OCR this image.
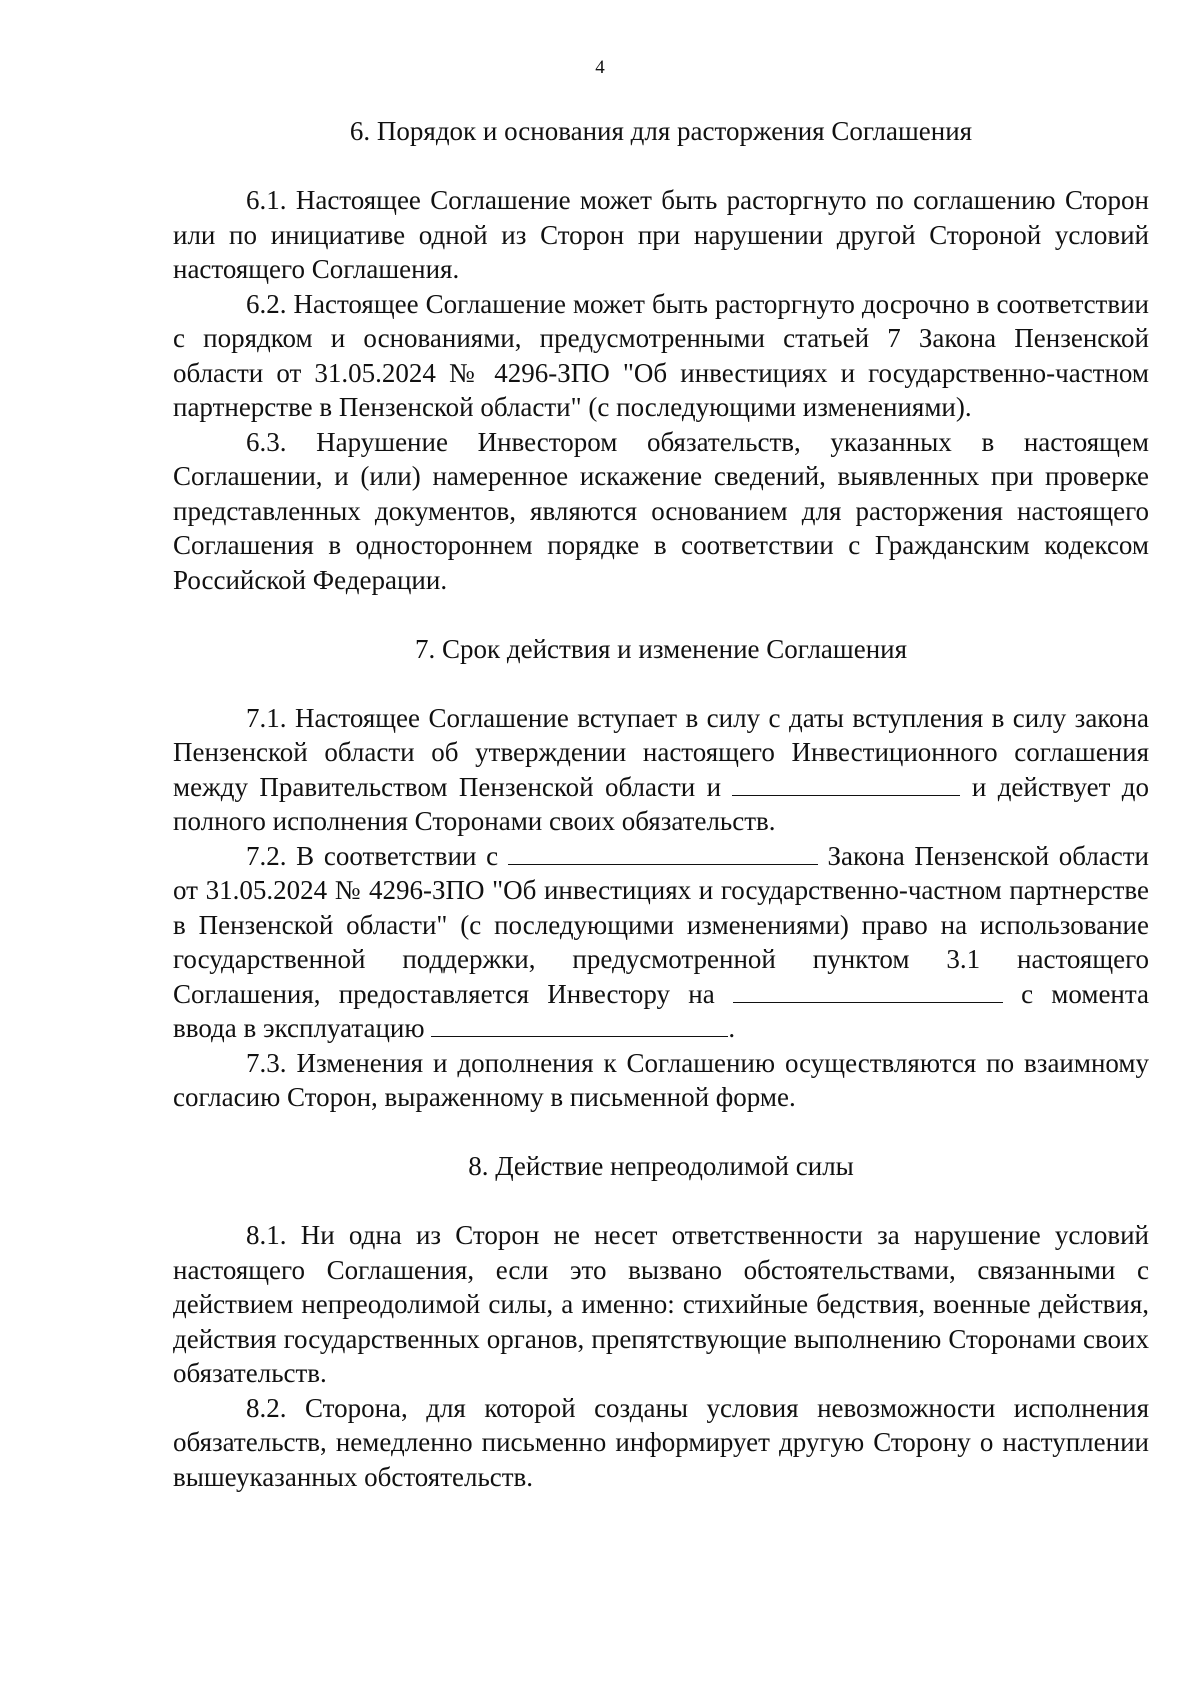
4
6. Порядок и основания для расторжения Соглашения

6.1. Настоящее Соглашение может быть расторгнуто по соглашению Сторон или по инициативе одной из Сторон при нарушении другой Стороной условий настоящего Соглашения.

6.2. Настоящее Соглашение может быть расторгнуто досрочно в соответствии с порядком и основаниями, предусмотренными статьей 7 Закона Пензенской области от 31.05.2024 № 4296-ЗПО "Об инвестициях и государственно-частном партнерстве в Пензенской области" (с последующими изменениями).

6.3. Нарушение Инвестором обязательств, указанных в настоящем Соглашении, и (или) намеренное искажение сведений, выявленных при проверке представленных документов, являются основанием для расторжения настоящего Соглашения в одностороннем порядке в соответствии с Гражданским кодексом Российской Федерации.

7. Срок действия и изменение Соглашения

7.1. Настоящее Соглашение вступает в силу с даты вступления в силу закона Пензенской области об утверждении настоящего Инвестиционного соглашения между Правительством Пензенской области и	и действует до полного исполнения Сторонами своих обязательств.

7.2. В соответствии с	Закона Пензенской области от 31.05.2024 № 4296-ЗПО "Об инвестициях и государственно-частном партнерстве в Пензенской области" (с последующими изменениями) право на использование государственной поддержки, предусмотренной пунктом 3.1 настоящего Соглашения, предоставляется Инвестору на	с момента ввода в эксплуатацию	.

7.3. Изменения и дополнения к Соглашению осуществляются по взаимному согласию Сторон, выраженному в письменной форме.

8. Действие непреодолимой силы

8.1. Ни одна из Сторон не несет ответственности за нарушение условий настоящего Соглашения, если это вызвано обстоятельствами, связанными с действием непреодолимой силы, а именно: стихийные бедствия, военные действия, действия государственных органов, препятствующие выполнению Сторонами своих обязательств.

8.2. Сторона, для которой созданы условия невозможности исполнения обязательств, немедленно письменно информирует другую Сторону о наступлении вышеуказанных обстоятельств.
